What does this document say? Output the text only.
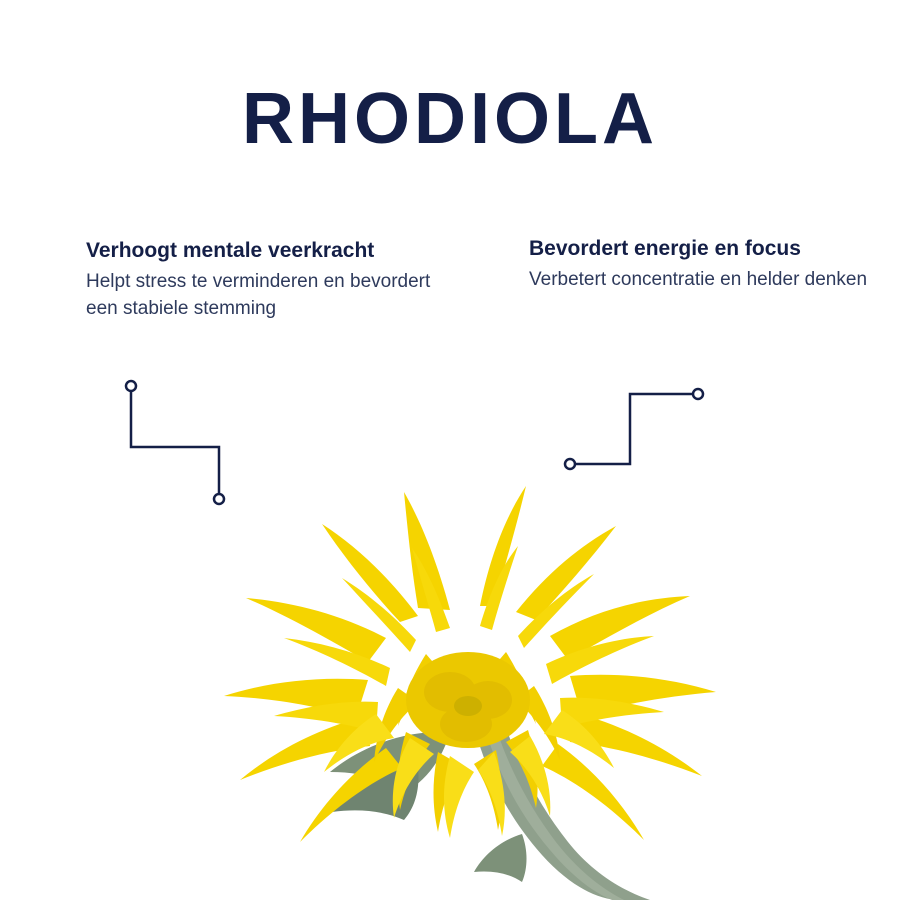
RHODIOLA

Verhoogt mentale veerkracht

Helpt stress te verminderen en bevordert een stabiele stemming

Bevordert energie en focus

Verbetert concentratie en helder denken
